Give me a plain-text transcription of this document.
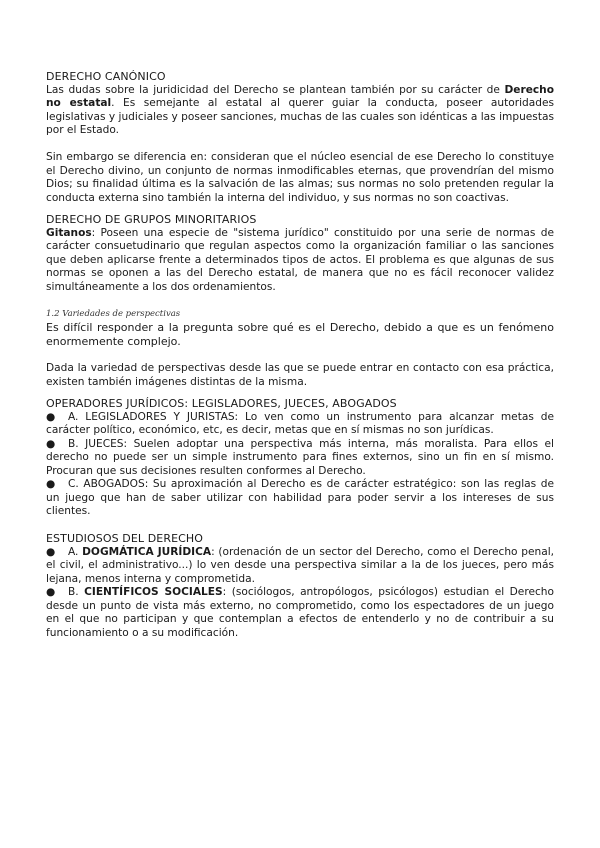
DERECHO CANÓNICO

Las dudas sobre la juridicidad del Derecho se plantean también por su carácter de Derecho no estatal. Es semejante al estatal al querer guiar la conducta, poseer autoridades legislativas y judiciales y poseer sanciones, muchas de las cuales son idénticas a las impuestas por el Estado.

Sin embargo se diferencia en: consideran que el núcleo esencial de ese Derecho lo constituye el Derecho divino, un conjunto de normas inmodificables eternas, que provendrían del mismo Dios; su finalidad última es la salvación de las almas; sus normas no solo pretenden regular la conducta externa sino también la interna del individuo, y sus normas no son coactivas.

DERECHO DE GRUPOS MINORITARIOS

Gitanos: Poseen una especie de "sistema jurídico" constituido por una serie de normas de carácter consuetudinario que regulan aspectos como la organización familiar o las sanciones que deben aplicarse frente a determinados tipos de actos. El problema es que algunas de sus normas se oponen a las del Derecho estatal, de manera que no es fácil reconocer validez simultáneamente a los dos ordenamientos.

1.2 Variedades de perspectivas

Es difícil responder a la pregunta sobre qué es el Derecho, debido a que es un fenómeno enormemente complejo.

Dada la variedad de perspectivas desde las que se puede entrar en contacto con esa práctica, existen también imágenes distintas de la misma.

OPERADORES JURÍDICOS: LEGISLADORES, JUECES, ABOGADOS

● A. LEGISLADORES Y JURISTAS: Lo ven como un instrumento para alcanzar metas de carácter político, económico, etc, es decir, metas que en sí mismas no son jurídicas.

● B. JUECES: Suelen adoptar una perspectiva más interna, más moralista. Para ellos el derecho no puede ser un simple instrumento para fines externos, sino un fin en sí mismo. Procuran que sus decisiones resulten conformes al Derecho.

● C. ABOGADOS: Su aproximación al Derecho es de carácter estratégico: son las reglas de un juego que han de saber utilizar con habilidad para poder servir a los intereses de sus clientes.

ESTUDIOSOS DEL DERECHO

● A. DOGMÁTICA JURÍDICA: (ordenación de un sector del Derecho, como el Derecho penal, el civil, el administrativo...) lo ven desde una perspectiva similar a la de los jueces, pero más lejana, menos interna y comprometida.

● B. CIENTÍFICOS SOCIALES: (sociólogos, antropólogos, psicólogos) estudian el Derecho desde un punto de vista más externo, no comprometido, como los espectadores de un juego en el que no participan y que contemplan a efectos de entenderlo y no de contribuir a su funcionamiento o a su modificación.
